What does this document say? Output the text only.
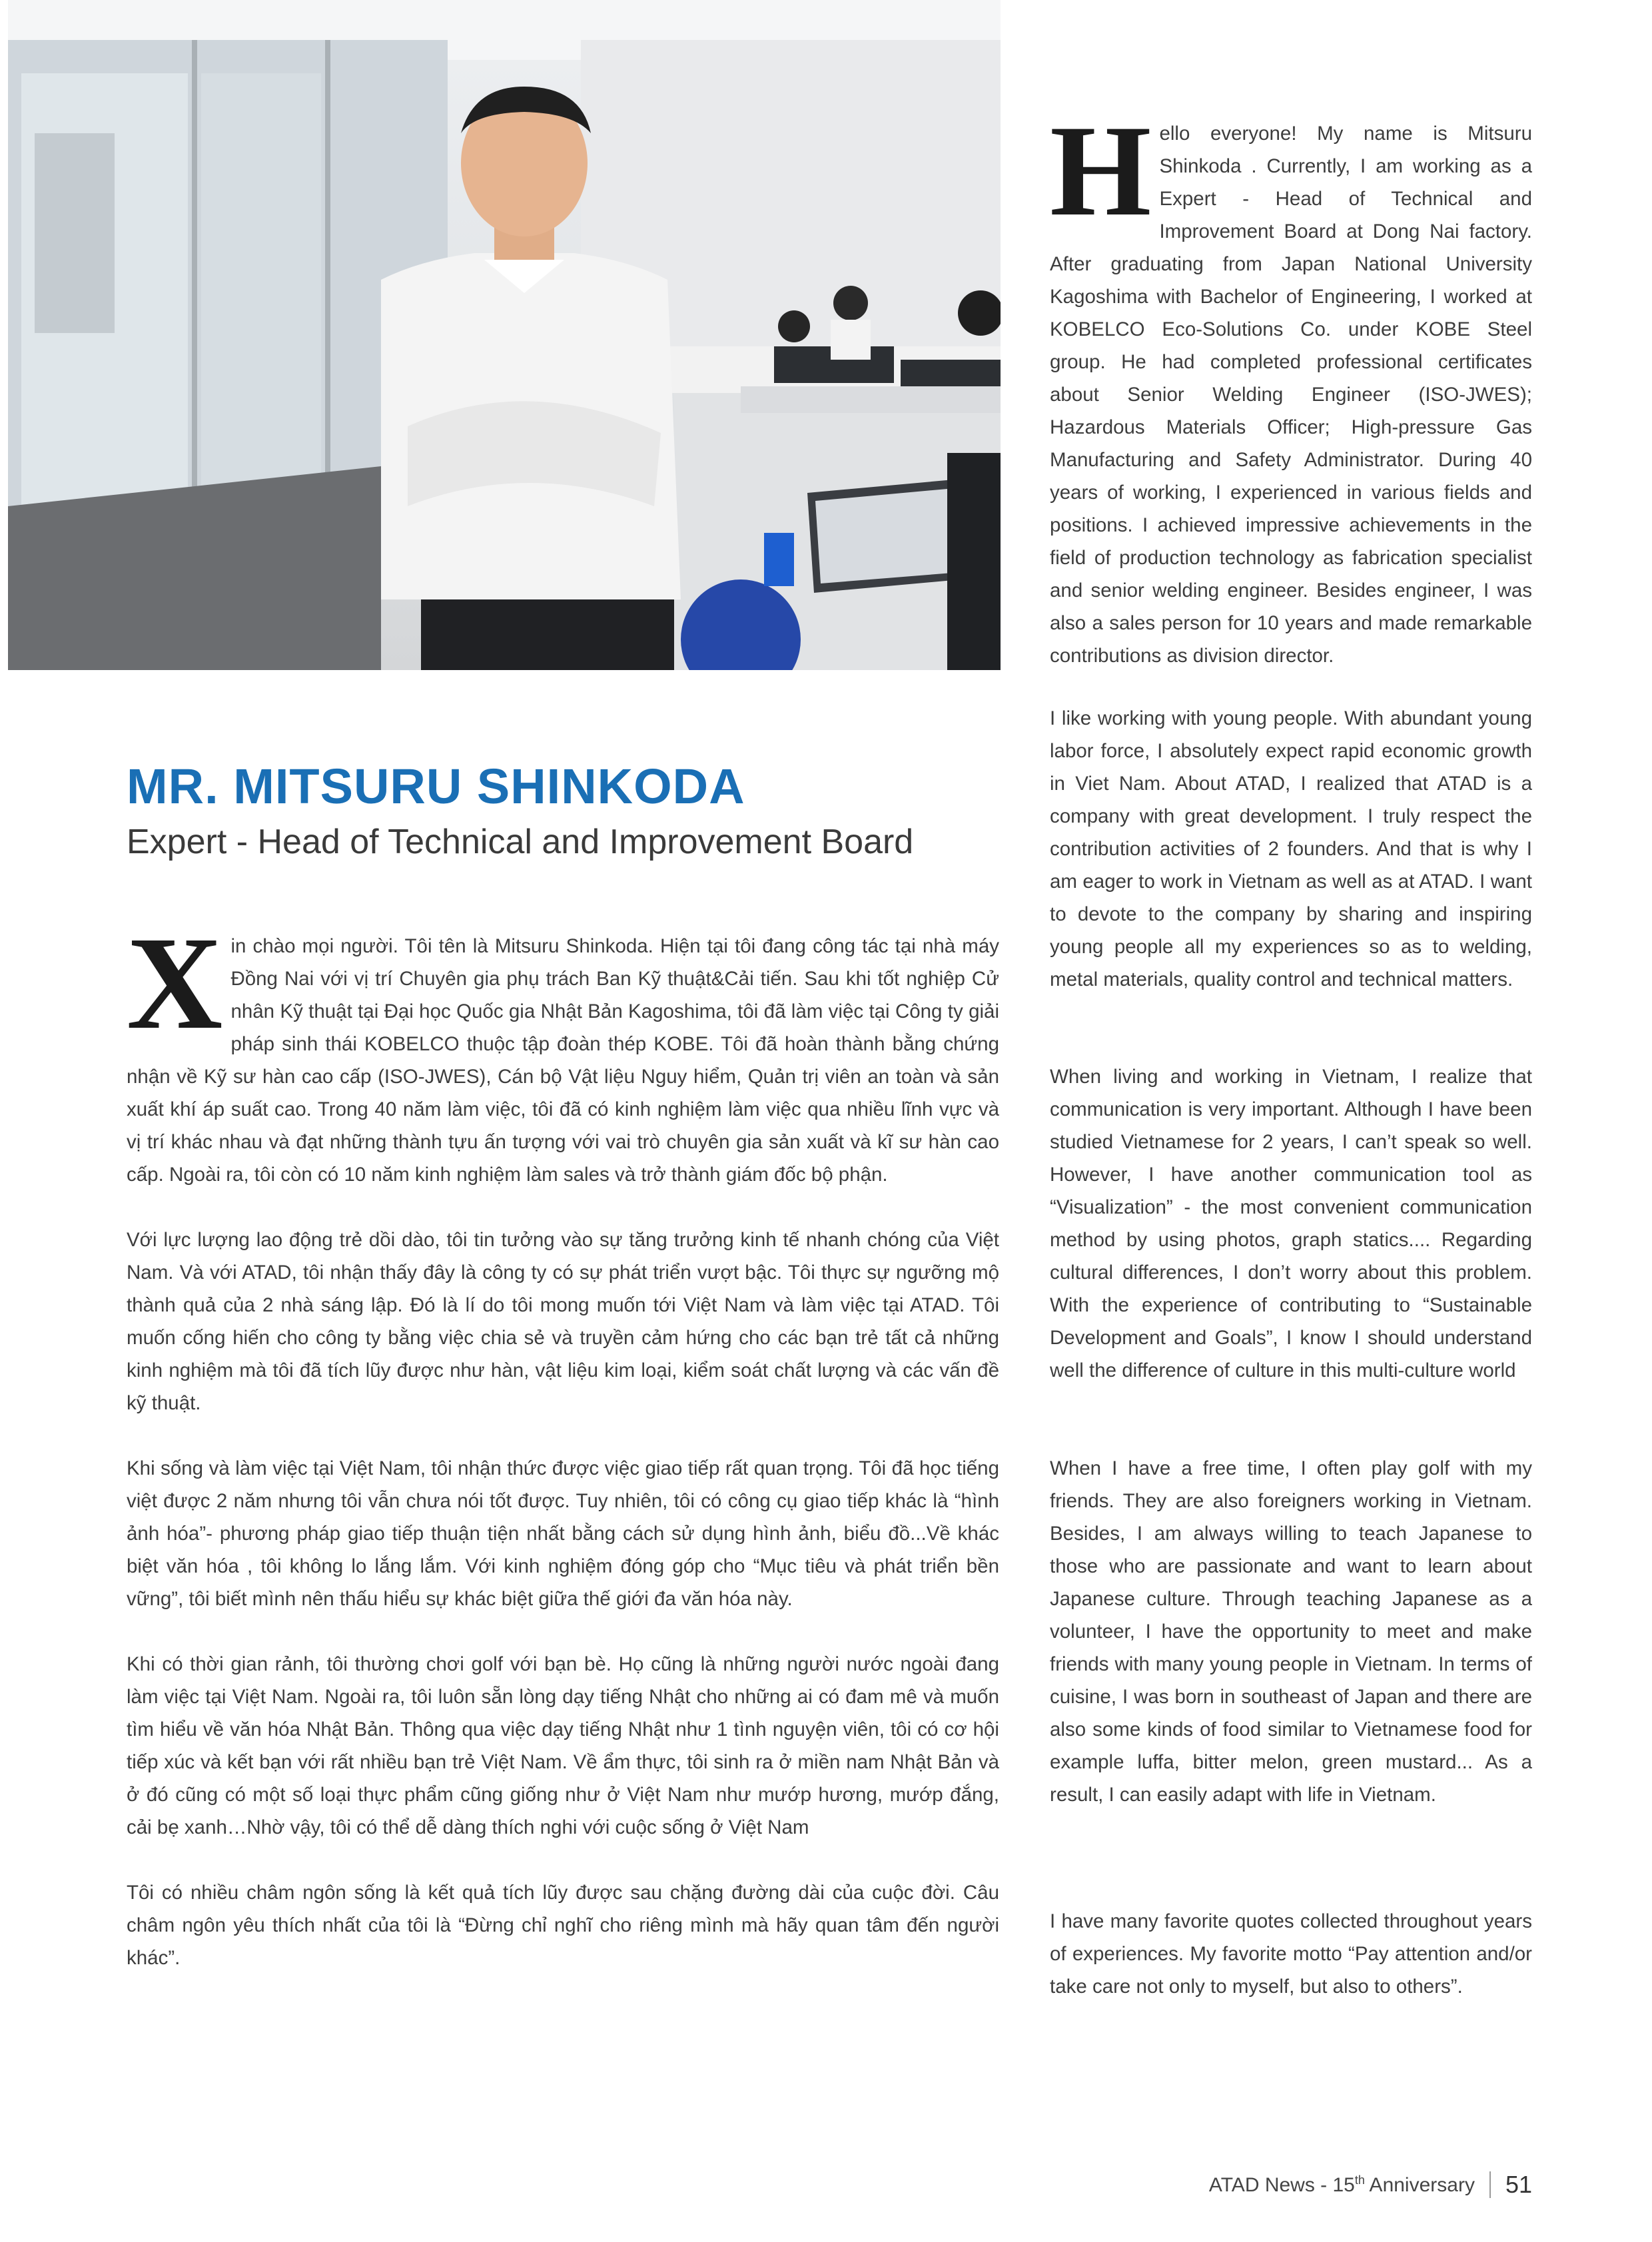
MR. MITSURU SHINKODA
Expert - Head of Technical and Improvement Board

Xin chào mọi người. Tôi tên là Mitsuru Shinkoda. Hiện tại tôi đang công tác tại nhà máy Đồng Nai với vị trí Chuyên gia phụ trách Ban Kỹ thuật&Cải tiến. Sau khi tốt nghiệp Cử nhân Kỹ thuật tại Đại học Quốc gia Nhật Bản Kagoshima, tôi đã làm việc tại Công ty giải pháp sinh thái KOBELCO thuộc tập đoàn thép KOBE. Tôi đã hoàn thành bằng chứng nhận về Kỹ sư hàn cao cấp (ISO-JWES), Cán bộ Vật liệu Nguy hiểm, Quản trị viên an toàn và sản xuất khí áp suất cao. Trong 40 năm làm việc, tôi đã có kinh nghiệm làm việc qua nhiều lĩnh vực và vị trí khác nhau và đạt những thành tựu ấn tượng với vai trò chuyên gia sản xuất và kĩ sư hàn cao cấp. Ngoài ra, tôi còn có 10 năm kinh nghiệm làm sales và trở thành giám đốc bộ phận.

Với lực lượng lao động trẻ dồi dào, tôi tin tưởng vào sự tăng trưởng kinh tế nhanh chóng của Việt Nam. Và với ATAD, tôi nhận thấy đây là công ty có sự phát triển vượt bậc. Tôi thực sự ngưỡng mộ thành quả của 2 nhà sáng lập. Đó là lí do tôi mong muốn tới Việt Nam và làm việc tại ATAD. Tôi muốn cống hiến cho công ty bằng việc chia sẻ và truyền cảm hứng cho các bạn trẻ tất cả những kinh nghiệm mà tôi đã tích lũy được như hàn, vật liệu kim loại, kiểm soát chất lượng và các vấn đề kỹ thuật.

Khi sống và làm việc tại Việt Nam, tôi nhận thức được việc giao tiếp rất quan trọng. Tôi đã học tiếng việt được 2 năm nhưng tôi vẫn chưa nói tốt được. Tuy nhiên, tôi có công cụ giao tiếp khác là “hình ảnh hóa”- phương pháp giao tiếp thuận tiện nhất bằng cách sử dụng hình ảnh, biểu đồ...Về khác biệt văn hóa , tôi không lo lắng lắm. Với kinh nghiệm đóng góp cho “Mục tiêu và phát triển bền vững”, tôi biết mình nên thấu hiểu sự khác biệt giữa thế giới đa văn hóa này.

Khi có thời gian rảnh, tôi thường chơi golf với bạn bè. Họ cũng là những người nước ngoài đang làm việc tại Việt Nam. Ngoài ra, tôi luôn sẵn lòng dạy tiếng Nhật cho những ai có đam mê và muốn tìm hiểu về văn hóa Nhật Bản. Thông qua việc dạy tiếng Nhật như 1 tình nguyện viên, tôi có cơ hội tiếp xúc và kết bạn với rất nhiều bạn trẻ Việt Nam. Về ẩm thực, tôi sinh ra ở miền nam Nhật Bản và ở đó cũng có một số loại thực phẩm cũng giống như ở Việt Nam như mướp hương, mướp đắng, cải bẹ xanh…Nhờ vậy, tôi có thể dễ dàng thích nghi với cuộc sống ở Việt Nam

Tôi có nhiều châm ngôn sống là kết quả tích lũy được sau chặng đường dài của cuộc đời. Câu châm ngôn yêu thích nhất của tôi là “Đừng chỉ nghĩ cho riêng mình mà hãy quan tâm đến người khác”.

Hello everyone! My name is Mitsuru Shinkoda . Currently, I am working as a Expert - Head of Technical and Improvement Board at Dong Nai factory. After graduating from Japan National University Kagoshima with Bachelor of Engineering, I worked at KOBELCO Eco-Solutions Co. under KOBE Steel group. He had completed professional certificates about Senior Welding Engineer (ISO-JWES); Hazardous Materials Officer; High-pressure Gas Manufacturing and Safety Administrator. During 40 years of working, I experienced in various fields and positions. I achieved impressive achievements in the field of production technology as fabrication specialist and senior welding engineer. Besides engineer, I was also a sales person for 10 years and made remarkable contributions as division director.
I like working with young people. With abundant young labor force, I absolutely expect rapid economic growth in Viet Nam. About ATAD, I realized that ATAD is a company with great development. I truly respect the contribution activities of 2 founders. And that is why I am eager to work in Vietnam as well as at ATAD. I want to devote to the company by sharing and inspiring young people all my experiences so as to welding, metal materials, quality control and technical matters.
When living and working in Vietnam, I realize that communication is very important. Although I have been studied Vietnamese for 2 years, I can’t speak so well. However, I have another communication tool as “Visualization” - the most convenient communication method by using photos, graph statics.... Regarding cultural differences, I don’t worry about this problem. With the experience of contributing to “Sustainable Development and Goals”, I know I should understand well the difference of culture in this multi-culture world
When I have a free time, I often play golf with my friends. They are also foreigners working in Vietnam. Besides, I am always willing to teach Japanese to those who are passionate and want to learn about Japanese culture. Through teaching Japanese as a volunteer, I have the opportunity to meet and make friends with many young people in Vietnam. In terms of cuisine, I was born in southeast of Japan and there are also some kinds of food similar to Vietnamese food for example luffa, bitter melon, green mustard... As a result, I can easily adapt with life in Vietnam.
I have many favorite quotes collected throughout years of experiences. My favorite motto “Pay attention and/or take care not only to myself, but also to others”.
ATAD News - 15th Anniversary 51
